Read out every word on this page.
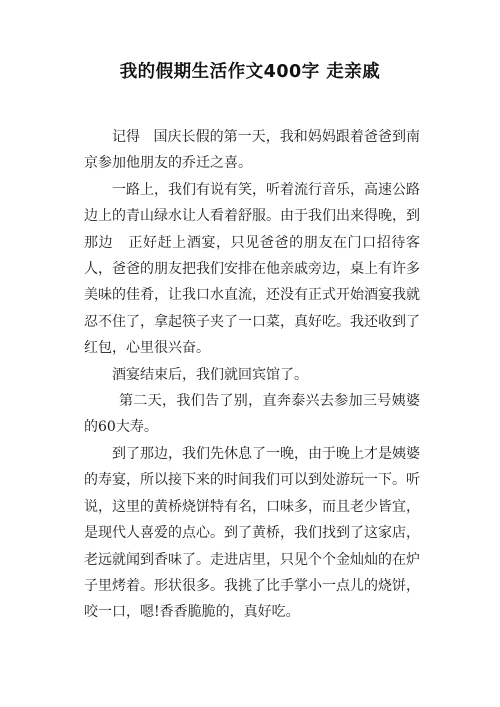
我的假期生活作文400字 走亲戚

记得   国庆长假的第一天，我和妈妈跟着爸爸到南京参加他朋友的乔迁之喜。

一路上，我们有说有笑，听着流行音乐，高速公路边上的青山绿水让人看着舒服。由于我们出来得晚，到那边   正好赶上酒宴，只见爸爸的朋友在门口招待客人，爸爸的朋友把我们安排在他亲戚旁边，桌上有许多美味的佳肴，让我口水直流，还没有正式开始酒宴我就忍不住了，拿起筷子夹了一口菜，真好吃。我还收到了红包，心里很兴奋。

酒宴结束后，我们就回宾馆了。

第二天，我们告了别，直奔泰兴去参加三号姨婆的60大寿。

到了那边，我们先休息了一晚，由于晚上才是姨婆的寿宴，所以接下来的时间我们可以到处游玩一下。听说，这里的黄桥烧饼特有名，口味多，而且老少皆宜，是现代人喜爱的点心。到了黄桥，我们找到了这家店，老远就闻到香味了。走进店里，只见个个金灿灿的在炉子里烤着。形状很多。我挑了比手掌小一点儿的烧饼，咬一口，嗯!香香脆脆的，真好吃。
